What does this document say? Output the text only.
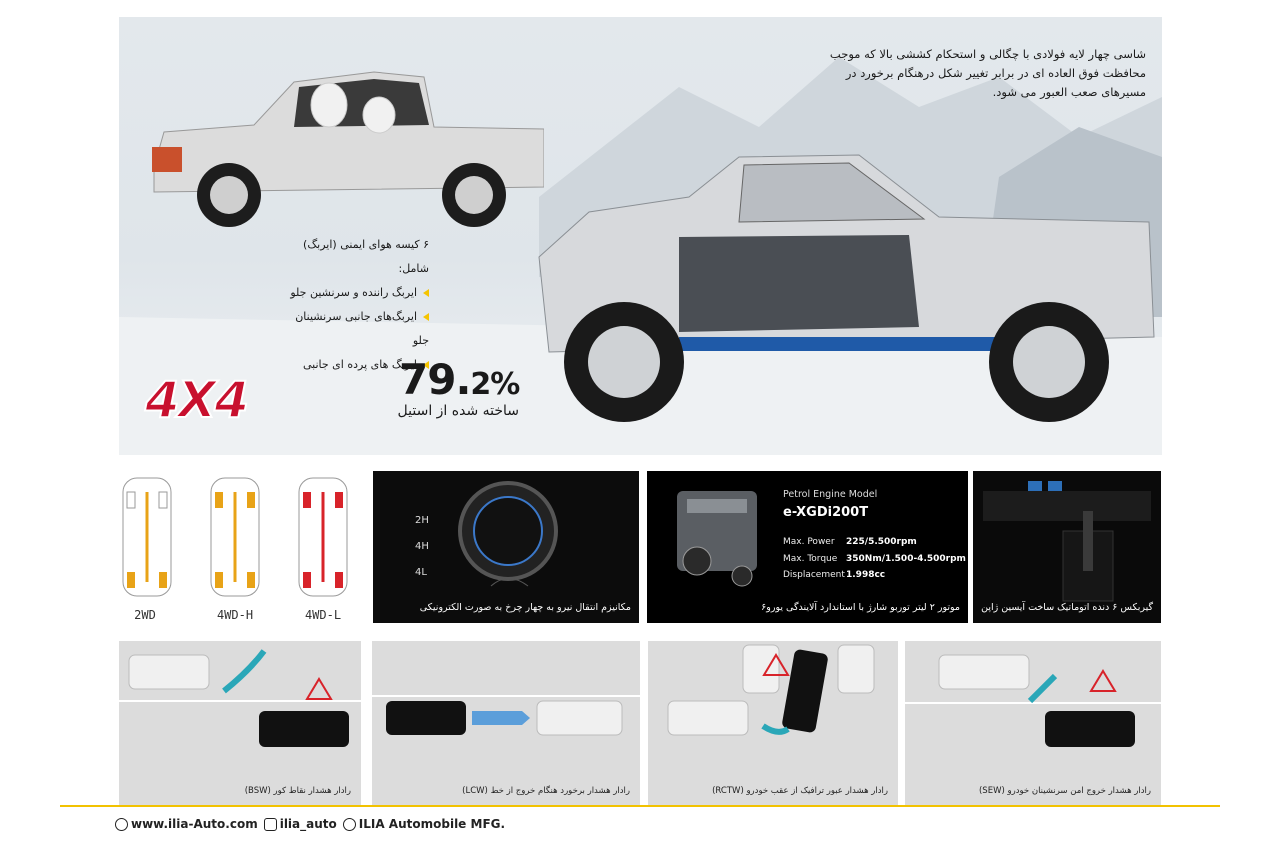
شاسی چهار لایه فولادی با چگالی و استحکام کششی بالا که موجب محافظت فوق العاده ای در برابر تغییر شکل درهنگام برخورد در مسیرهای صعب العبور می شود.
۶ کیسه هوای ایمنی (ایربگ) شامل:
ایربگ راننده و سرنشین جلو
ایربگ‌های جانبی سرنشینان جلو
ایربگ های پرده ای جانبی
4X4	79.2%
ساخته شده از استیل
2WD	4WD-H	4WD-L
2H
4H
4L
مکانیزم انتقال نیرو به چهار چرخ به صورت الکترونیکی
Petrol Engine Model
e-XGDi200T
Max. Power 225/5.500rpm
Max. Torque 350Nm/1.500-4.500rpm
Displacement 1.998cc
موتور ۲ لیتر توربو شارژ با استاندارد آلایندگی یورو۶ گیربکس ۶ دنده اتوماتیک ساخت آیسین ژاپن
رادار هشدار نقاط کور (BSW)	رادار هشدار برخورد هنگام خروج از خط (LCW)	رادار هشدار عبور ترافیک از عقب خودرو (RCTW)	رادار هشدار خروج امن سرنشینان خودرو (SEW)
www.ilia-Auto.com ilia_auto ILIA Automobile MFG.
